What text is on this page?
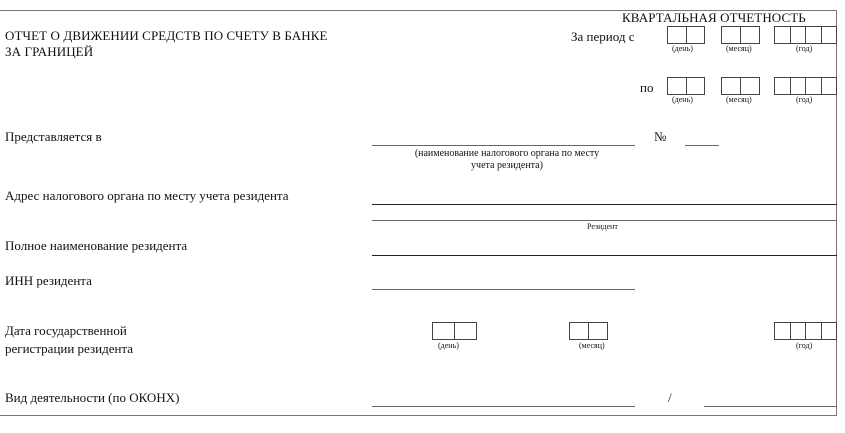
КВАРТАЛЬНАЯ ОТЧЕТНОСТЬ
ОТЧЕТ О ДВИЖЕНИИ СРЕДСТВ ПО СЧЕТУ В БАНКЕ
ЗА ГРАНИЦЕЙ
За период с
(день)	(месяц)	(год)
по
(день)	(месяц)	(год)
Представляется в	№
(наименование налогового органа по месту
учета резидента)
Адрес налогового органа по месту учета резидента
Резидент
Полное наименование резидента
ИНН резидента
Дата государственной
регистрации резидента	(день)	(месяц)	(год)
Вид деятельности (по ОКОНХ)	/
